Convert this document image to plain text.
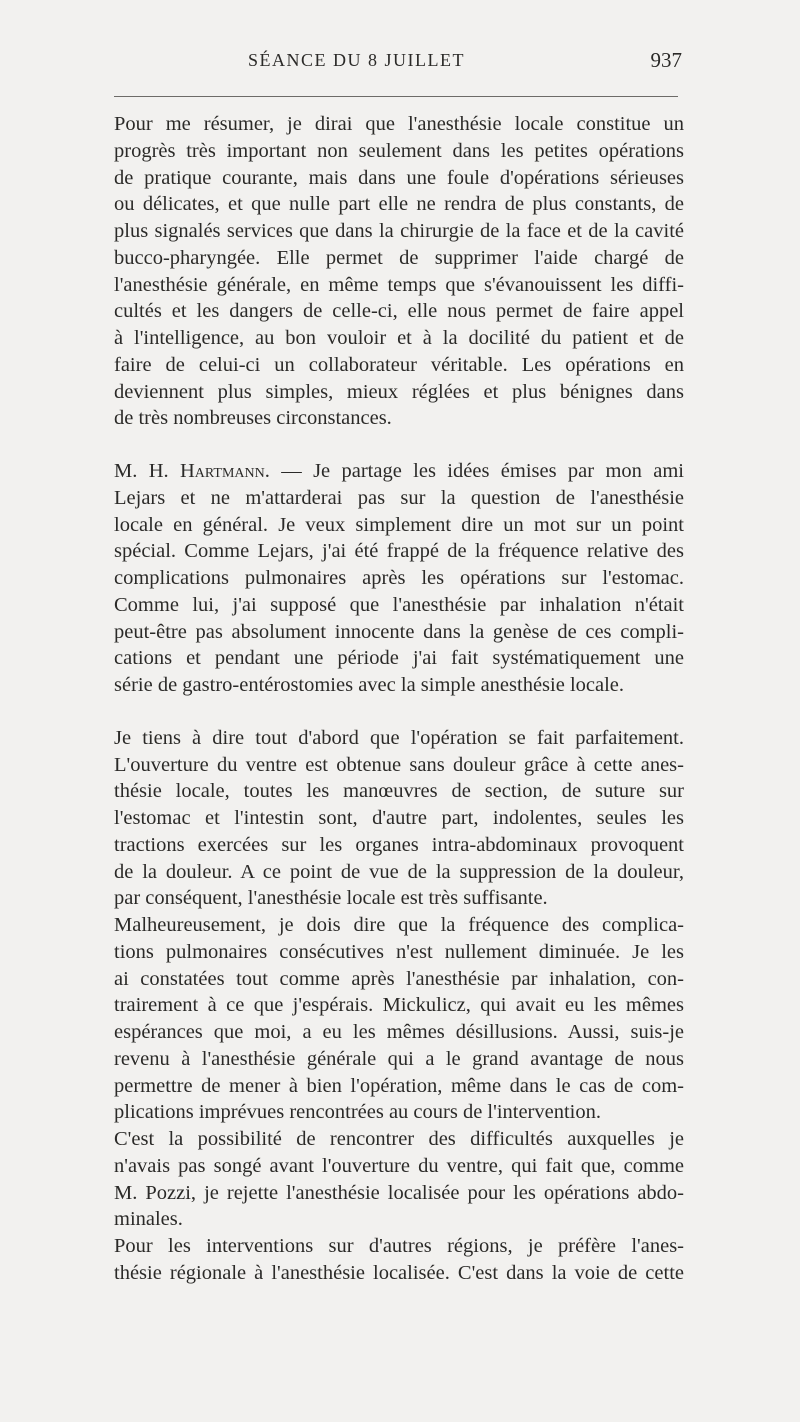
SÉANCE DU 8 JUILLET	937
Pour me résumer, je dirai que l'anesthésie locale constitue un
progrès très important non seulement dans les petites opérations
de pratique courante, mais dans une foule d'opérations sérieuses
ou délicates, et que nulle part elle ne rendra de plus constants, de
plus signalés services que dans la chirurgie de la face et de la cavité
bucco-pharyngée. Elle permet de supprimer l'aide chargé de
l'anesthésie générale, en même temps que s'évanouissent les diffi-
cultés et les dangers de celle-ci, elle nous permet de faire appel
à l'intelligence, au bon vouloir et à la docilité du patient et de
faire de celui-ci un collaborateur véritable. Les opérations en
deviennent plus simples, mieux réglées et plus bénignes dans
de très nombreuses circonstances.
M. H. Hartmann. — Je partage les idées émises par mon ami
Lejars et ne m'attarderai pas sur la question de l'anesthésie
locale en général. Je veux simplement dire un mot sur un point
spécial. Comme Lejars, j'ai été frappé de la fréquence relative des
complications pulmonaires après les opérations sur l'estomac.
Comme lui, j'ai supposé que l'anesthésie par inhalation n'était
peut-être pas absolument innocente dans la genèse de ces compli-
cations et pendant une période j'ai fait systématiquement une
série de gastro-entérostomies avec la simple anesthésie locale.
Je tiens à dire tout d'abord que l'opération se fait parfaitement.
L'ouverture du ventre est obtenue sans douleur grâce à cette anes-
thésie locale, toutes les manœuvres de section, de suture sur
l'estomac et l'intestin sont, d'autre part, indolentes, seules les
tractions exercées sur les organes intra-abdominaux provoquent
de la douleur. A ce point de vue de la suppression de la douleur,
par conséquent, l'anesthésie locale est très suffisante.
Malheureusement, je dois dire que la fréquence des complica-
tions pulmonaires consécutives n'est nullement diminuée. Je les
ai constatées tout comme après l'anesthésie par inhalation, con-
trairement à ce que j'espérais. Mickulicz, qui avait eu les mêmes
espérances que moi, a eu les mêmes désillusions. Aussi, suis-je
revenu à l'anesthésie générale qui a le grand avantage de nous
permettre de mener à bien l'opération, même dans le cas de com-
plications imprévues rencontrées au cours de l'intervention.
C'est la possibilité de rencontrer des difficultés auxquelles je
n'avais pas songé avant l'ouverture du ventre, qui fait que, comme
M. Pozzi, je rejette l'anesthésie localisée pour les opérations abdo-
minales.
Pour les interventions sur d'autres régions, je préfère l'anes-
thésie régionale à l'anesthésie localisée. C'est dans la voie de cette
